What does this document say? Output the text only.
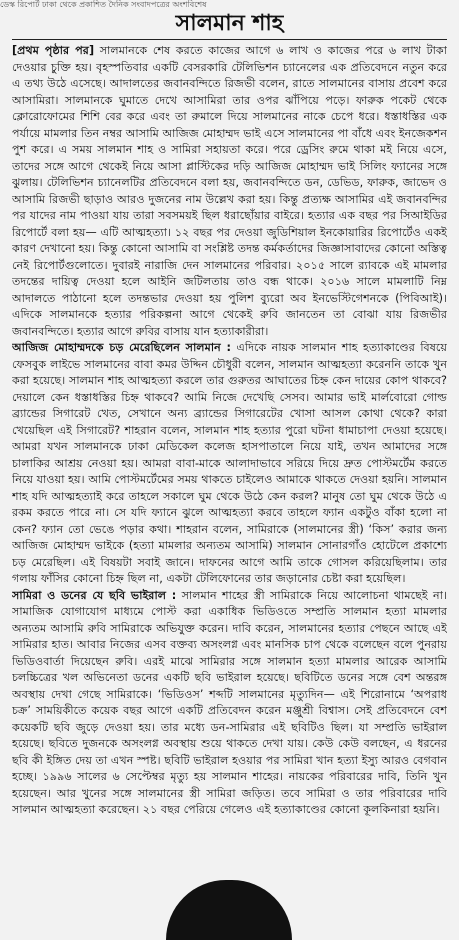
ডেস্ক রিপোর্ট ঢাকা থেকে প্রকাশিত দৈনিক সংবাদপত্রের অংশবিশেষ
সালমান শাহ

[প্রথম পৃষ্ঠার পর] সালমানকে শেষ করতে কাজের আগে ৬ লাখ ও কাজের পরে ৬ লাখ টাকা দেওয়ার চুক্তি হয়। বৃহস্পতিবার একটি বেসরকারি টেলিভিশন চ্যানেলের এক প্রতিবেদনে নতুন করে এ তথ্য উঠে এসেছে। আদালতের জবানবন্দিতে রিজভী বলেন, রাতে সালমানের বাসায় প্রবেশ করে আসামিরা। সালমানকে ঘুমাতে দেখে আসামিরা তার ওপর ঝাঁপিয়ে পড়ে। ফারুক পকেট থেকে ক্লোরোফোমের শিশি বের করে এবং তা রুমালে দিয়ে সালমানের নাকে চেপে ধরে। ধস্তাধস্তির এক পর্যায়ে মামলার তিন নম্বর আসামি আজিজ মোহাম্মদ ভাই এসে সালমানের পা বাঁধে এবং ইনজেকশন পুশ করে। এ সময় সালমান শাহ ও সামিরা সহায়তা করে। পরে ড্রেসিং রুমে থাকা মই নিয়ে এসে, তাদের সঙ্গে আগে থেকেই নিয়ে আসা প্লাস্টিকের দড়ি আজিজ মোহাম্মদ ভাই সিলিং ফ্যানের সঙ্গে ঝুলায়। টেলিভিশন চ্যানেলটির প্রতিবেদনে বলা হয়, জবানবন্দিতে ডন, ডেভিড, ফারুক, জাভেদ ও আসামি রিজভী ছাড়াও আরও দুজনের নাম উল্লেখ করা হয়। কিন্তু প্রত্যক্ষ আসামির এই জবানবন্দির পর যাদের নাম পাওয়া যায় তারা সবসময়ই ছিল ধরাছোঁয়ার বাইরে। হত্যার এক বছর পর সিআইডির রিপোর্টে বলা হয়— এটি আত্মহত্যা। ১২ বছর পর দেওয়া জুডিশিয়াল ইনকোয়ারির রিপোর্টেও একই কারণ দেখানো হয়। কিন্তু কোনো আসামি বা সংশ্লিষ্ট তদন্ত কর্মকর্তাদের জিজ্ঞাসাবাদের কোনো অস্তিত্ব নেই রিপোর্টগুলোতে। দুবারই নারাজি দেন সালমানের পরিবার। ২০১৫ সালে র‌্যাবকে এই মামলার তদন্তের দায়িত্ব দেওয়া হলে আইনি জটিলতায় তাও বন্ধ থাকে। ২০১৬ সালে মামলাটি নিম্ন আদালতে পাঠানো হলে তদন্তভার দেওয়া হয় পুলিশ ব্যুরো অব ইনভেস্টিগেশনকে (পিবিআই)। এদিকে সালমানকে হত্যার পরিকল্পনা আগে থেকেই রুবি জানতেন তা বোঝা যায় রিজভীর জবানবন্দিতে। হত্যার আগে রুবির বাসায় যান হত্যাকারীরা।

আজিজ মোহাম্মদকে চড় মেরেছিলেন সালমান : এদিকে নায়ক সালমান শাহ হত্যাকাণ্ডের বিষয়ে ফেসবুক লাইভে সালমানের বাবা কমর উদ্দিন চৌধুরী বলেন, সালমান আত্মহত্যা করেননি তাকে খুন করা হয়েছে। সালমান শাহ আত্মহত্যা করলে তার গুরুতর আঘাতের চিহ্ন কেন দায়ের কোপ থাকবে? দেয়ালে কেন ধস্তাধস্তির চিহ্ন থাকবে? আমি নিজে দেখেছি সেসব। আমার ভাই মার্লবোরো গোল্ড ব্র্যান্ডের সিগারেট খেত, সেখানে অন্য ব্র্যান্ডের সিগারেটের খোসা আসল কোথা থেকে? কারা খেয়েছিল এই সিগারেট? শাহরান বলেন, সালমান শাহ হত্যার পুরো ঘটনা ধামাচাপা দেওয়া হয়েছে। আমরা যখন সালমানকে ঢাকা মেডিকেল কলেজ হাসপাতালে নিয়ে যাই, তখন আমাদের সঙ্গে চালাকির আশ্রয় নেওয়া হয়। আমরা বাবা-মাকে আলাদাভাবে সরিয়ে দিয়ে দ্রুত পোস্টমর্টেম করতে নিয়ে যাওয়া হয়। আমি পোস্টমর্টেমের সময় থাকতে চাইলেও আমাকে থাকতে দেওয়া হয়নি। সালমান শাহ যদি আত্মহত্যাই করে তাহলে সকালে ঘুম থেকে উঠে কেন করল? মানুষ তো ঘুম থেকে উঠে এ রকম করতে পারে না। সে যদি ফ্যানে ঝুলে আত্মহত্যা করবে তাহলে ফ্যান একটুও বাঁকা হলো না কেন? ফ্যান তো ভেঙে পড়ার কথা। শাহরান বলেন, সামিরাকে (সালমানের স্ত্রী) ‘কিস’ করার জন্য আজিজ মোহাম্মদ ভাইকে (হত্যা মামলার অন্যতম আসামি) সালমান সোনারগাঁও হোটেলে প্রকাশ্যে চড় মেরেছিল। এই বিষয়টা সবাই জানে। দাফনের আগে আমি তাকে গোসল করিয়েছিলাম। তার গলায় ফাঁসির কোনো চিহ্ন ছিল না, একটা টেলিফোনের তার জড়ানোর চেষ্টা করা হয়েছিল।

সামিরা ও ডনের যে ছবি ভাইরাল : সালমান শাহের স্ত্রী সামিরাকে নিয়ে আলোচনা থামছেই না। সামাজিক যোগাযোগ মাধ্যমে পোস্ট করা একাধিক ভিডিওতে সম্প্রতি সালমান হত্যা মামলার অন্যতম আসামি রুবি সামিরাকে অভিযুক্ত করেন। দাবি করেন, সালমানের হত্যার পেছনে আছে এই সামিরার হাত। আবার নিজের এসব বক্তব্য অসংলগ্ন এবং মানসিক চাপ থেকে বলেছেন বলে পুনরায় ভিডিওবার্তা দিয়েছেন রুবি। এরই মাঝে সামিরার সঙ্গে সালমান হত্যা মামলার আরেক আসামি চলচ্চিত্রের খল অভিনেতা ডনের একটি ছবি ভাইরাল হয়েছে। ছবিটিতে ডনের সঙ্গে বেশ অন্তরঙ্গ অবস্থায় দেখা গেছে সামিরাকে। ‘ভিডিওস’ শব্দটি সালমানের মৃত্যুদিন— এই শিরোনামে ‘অপরাধ চক্র’ সাময়িকীতে কয়েক বছর আগে একটি প্রতিবেদন করেন মঞ্জুশ্রী বিশ্বাস। সেই প্রতিবেদনে বেশ কয়েকটি ছবি জুড়ে দেওয়া হয়। তার মধ্যে ডন-সামিরার এই ছবিটিও ছিল। যা সম্প্রতি ভাইরাল হয়েছে। ছবিতে দুজনকে অসংলগ্ন অবস্থায় শুয়ে থাকতে দেখা যায়। কেউ কেউ বলছেন, এ ধরনের ছবি কী ইঙ্গিত দেয় তা এখন স্পষ্ট। ছবিটি ভাইরাল হওয়ার পর সামিরা খান হত্যা ইস্যু আরও বেগবান হচ্ছে। ১৯৯৬ সালের ৬ সেপ্টেম্বর মৃত্যু হয় সালমান শাহের। নায়কের পরিবারের দাবি, তিনি খুন হয়েছেন। আর খুনের সঙ্গে সালমানের স্ত্রী সামিরা জড়িত। তবে সামিরা ও তার পরিবারের দাবি সালমান আত্মহত্যা করেছেন। ২১ বছর পেরিয়ে গেলেও এই হত্যাকাণ্ডের কোনো কূলকিনারা হয়নি।
